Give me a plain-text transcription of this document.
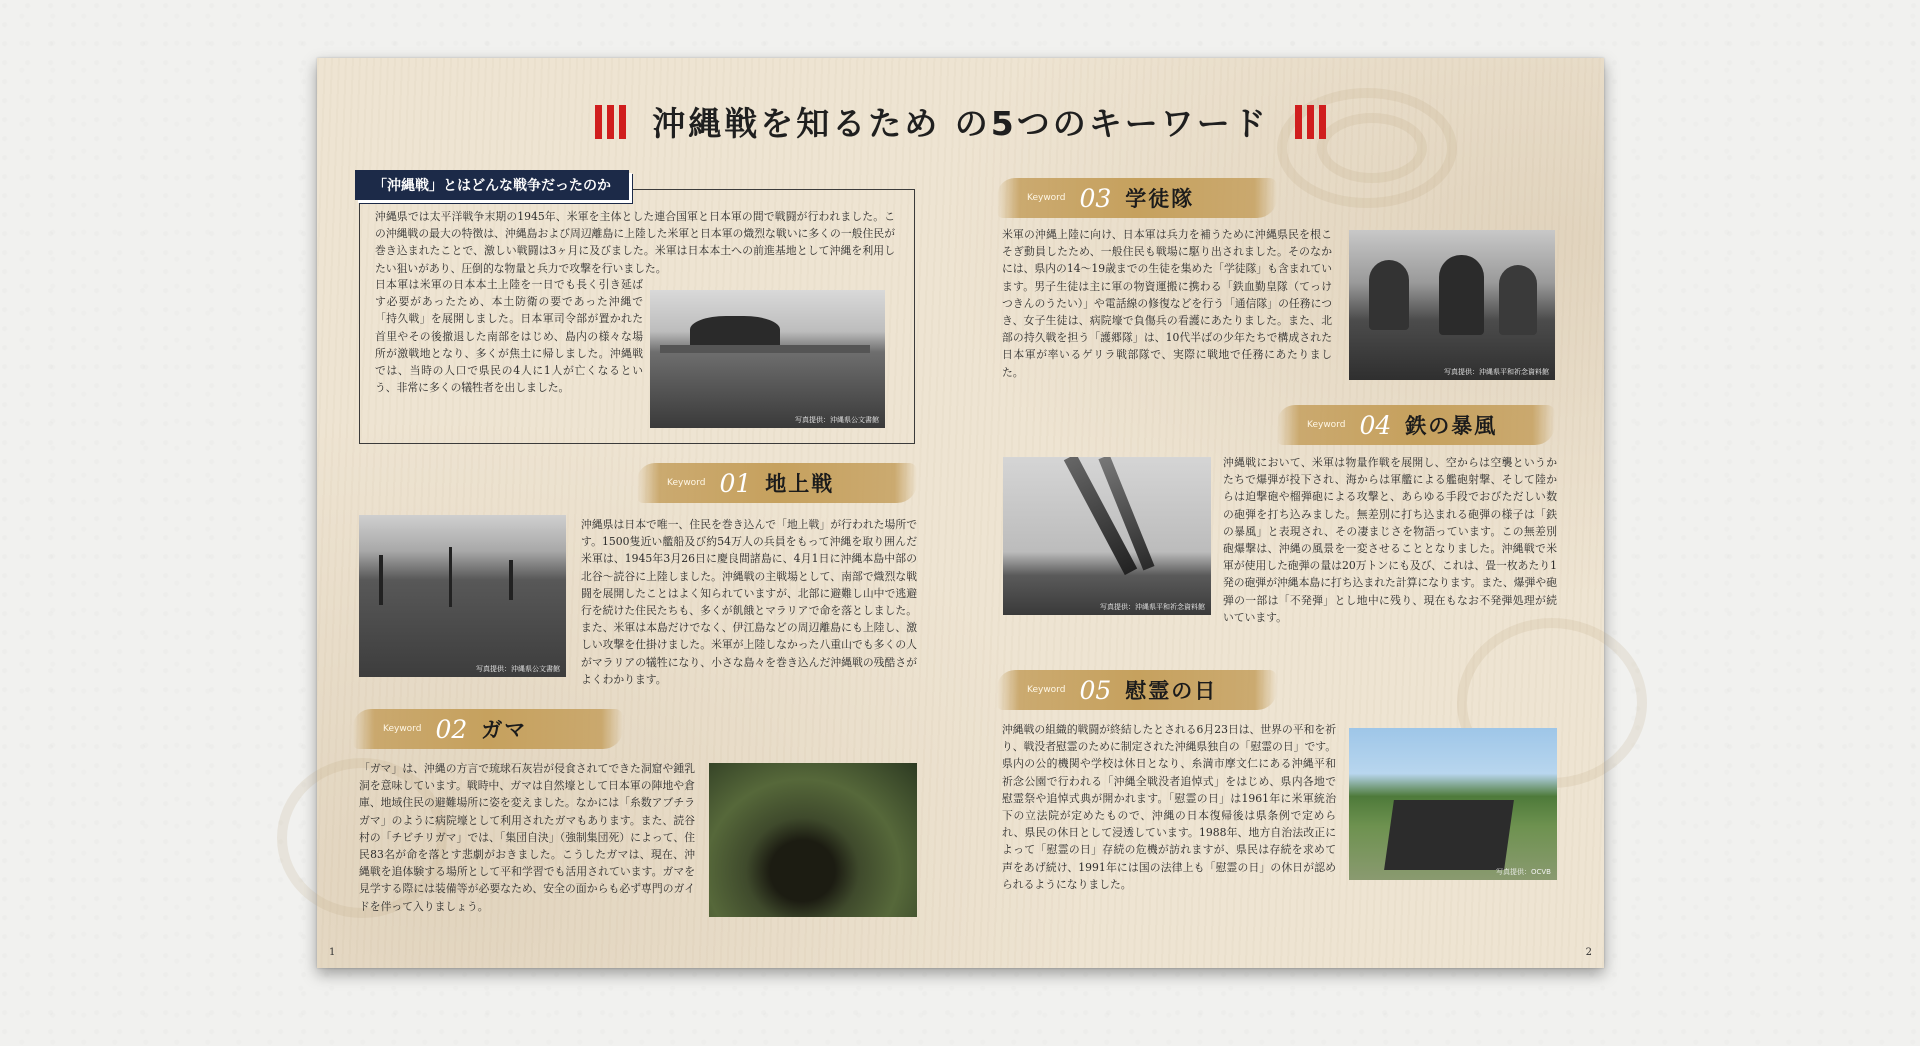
沖縄戦を知るため の5つのキーワード
「沖縄戦」とはどんな戦争だったのか

沖縄県では太平洋戦争末期の1945年、米軍を主体とした連合国軍と日本軍の間で戦闘が行われました。この沖縄戦の最大の特徴は、沖縄島および周辺離島に上陸した米軍と日本軍の熾烈な戦いに多くの一般住民が巻き込まれたことで、激しい戦闘は3ヶ月に及びました。米軍は日本本土への前進基地として沖縄を利用したい狙いがあり、圧倒的な物量と兵力で攻撃を行いました。

日本軍は米軍の日本本土上陸を一日でも長く引き延ばす必要があったため、本土防衛の要であった沖縄で「持久戦」を展開しました。日本軍司令部が置かれた首里やその後撤退した南部をはじめ、島内の様々な場所が激戦地となり、多くが焦土に帰しました。沖縄戦では、当時の人口で県民の4人に1人が亡くなるという、非常に多くの犠牲者を出しました。

写真提供：沖縄県公文書館
Keyword 01 地上戦
写真提供：沖縄県公文書館

沖縄県は日本で唯一、住民を巻き込んで「地上戦」が行われた場所です。1500隻近い艦船及び約54万人の兵員をもって沖縄を取り囲んだ米軍は、1945年3月26日に慶良間諸島に、4月1日に沖縄本島中部の北谷〜読谷に上陸しました。沖縄戦の主戦場として、南部で熾烈な戦闘を展開したことはよく知られていますが、北部に避難し山中で逃避行を続けた住民たちも、多くが飢餓とマラリアで命を落としました。また、米軍は本島だけでなく、伊江島などの周辺離島にも上陸し、激しい攻撃を仕掛けました。米軍が上陸しなかった八重山でも多くの人がマラリアの犠牲になり、小さな島々を巻き込んだ沖縄戦の残酷さがよくわかります。

Keyword 02 ガマ

「ガマ」は、沖縄の方言で琉球石灰岩が侵食されてできた洞窟や鍾乳洞を意味しています。戦時中、ガマは自然壕として日本軍の陣地や倉庫、地域住民の避難場所に姿を変えました。なかには「糸数アブチラガマ」のように病院壕として利用されたガマもあります。また、読谷村の「チビチリガマ」では、「集団自決」（強制集団死）によって、住民83名が命を落とす悲劇がおきました。こうしたガマは、現在、沖縄戦を追体験する場所として平和学習でも活用されています。ガマを見学する際には装備等が必要なため、安全の面からも必ず専門のガイドを伴って入りましょう。

Keyword 03 学徒隊

米軍の沖縄上陸に向け、日本軍は兵力を補うために沖縄県民を根こそぎ動員したため、一般住民も戦場に駆り出されました。そのなかには、県内の14〜19歳までの生徒を集めた「学徒隊」も含まれています。男子生徒は主に軍の物資運搬に携わる「鉄血勤皇隊（てっけつきんのうたい）」や電話線の修復などを行う「通信隊」の任務につき、女子生徒は、病院壕で負傷兵の看護にあたりました。また、北部の持久戦を担う「護郷隊」は、10代半ばの少年たちで構成された日本軍が率いるゲリラ戦部隊で、実際に戦地で任務にあたりました。	写真提供：沖縄県平和祈念資料館
Keyword 04 鉄の暴風
写真提供：沖縄県平和祈念資料館

沖縄戦において、米軍は物量作戦を展開し、空からは空襲というかたちで爆弾が投下され、海からは軍艦による艦砲射撃、そして陸からは迫撃砲や榴弾砲による攻撃と、あらゆる手段でおびただしい数の砲弾を打ち込みました。無差別に打ち込まれる砲弾の様子は「鉄の暴風」と表現され、その凄まじさを物語っています。この無差別砲爆撃は、沖縄の風景を一変させることとなりました。沖縄戦で米軍が使用した砲弾の量は20万トンにも及び、これは、畳一枚あたり1発の砲弾が沖縄本島に打ち込まれた計算になります。また、爆弾や砲弾の一部は「不発弾」とし地中に残り、現在もなお不発弾処理が続いています。

Keyword 05 慰霊の日

沖縄戦の組織的戦闘が終結したとされる6月23日は、世界の平和を祈り、戦没者慰霊のために制定された沖縄県独自の「慰霊の日」です。県内の公的機関や学校は休日となり、糸満市摩文仁にある沖縄平和祈念公園で行われる「沖縄全戦没者追悼式」をはじめ、県内各地で慰霊祭や追悼式典が開かれます。「慰霊の日」は1961年に米軍統治下の立法院が定めたもので、沖縄の日本復帰後は県条例で定められ、県民の休日として浸透しています。1988年、地方自治法改正によって「慰霊の日」存続の危機が訪れますが、県民は存続を求めて声をあげ続け、1991年には国の法律上も「慰霊の日」の休日が認められるようになりました。

写真提供：OCVB
1	2
